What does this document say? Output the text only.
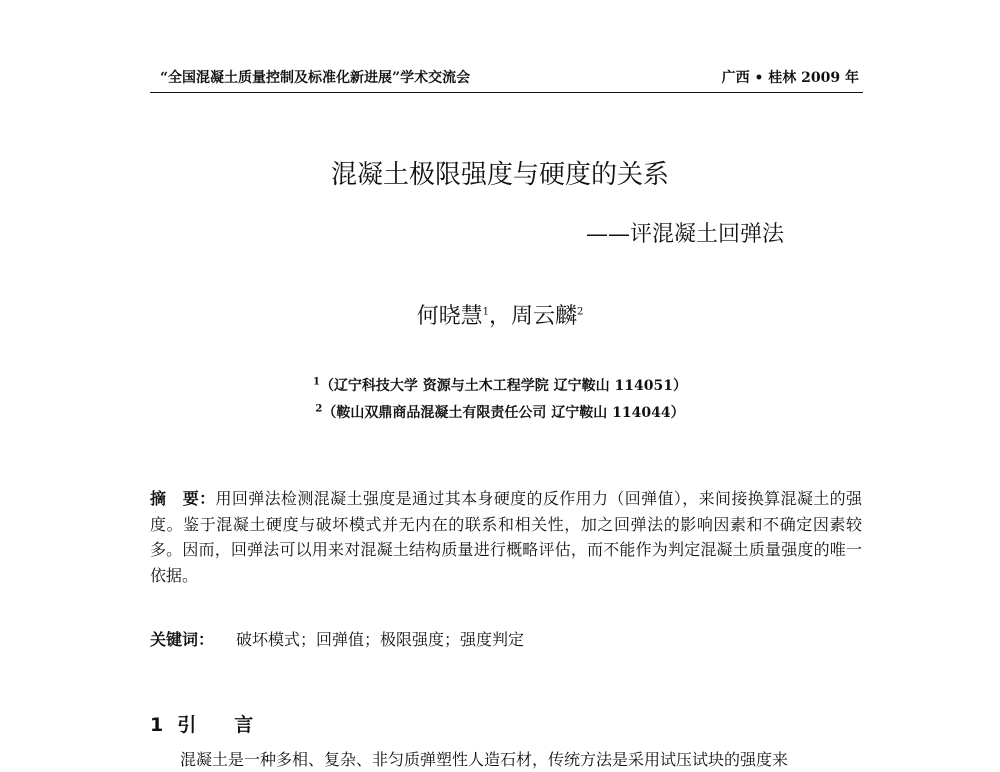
“全国混凝土质量控制及标准化新进展”学术交流会	广西 • 桂林 2009 年
混凝土极限强度与硬度的关系
——评混凝土回弹法
何晓慧$^1$，周云麟$^2$
$^1$（辽宁科技大学 资源与土木工程学院 辽宁鞍山 114051）
$^2$（鞍山双鼎商品混凝土有限责任公司 辽宁鞍山 114044）
摘　要：用回弹法检测混凝土强度是通过其本身硬度的反作用力（回弹值），来间接换算混凝土的强度。鉴于混凝土硬度与破坏模式并无内在的联系和相关性，加之回弹法的影响因素和不确定因素较多。因而，回弹法可以用来对混凝土结构质量进行概略评估，而不能作为判定混凝土质量强度的唯一依据。
关键词： 破坏模式；回弹值；极限强度；强度判定
1 引　　言
混凝土是一种多相、复杂、非匀质弹塑性人造石材，传统方法是采用试压试块的强度来
